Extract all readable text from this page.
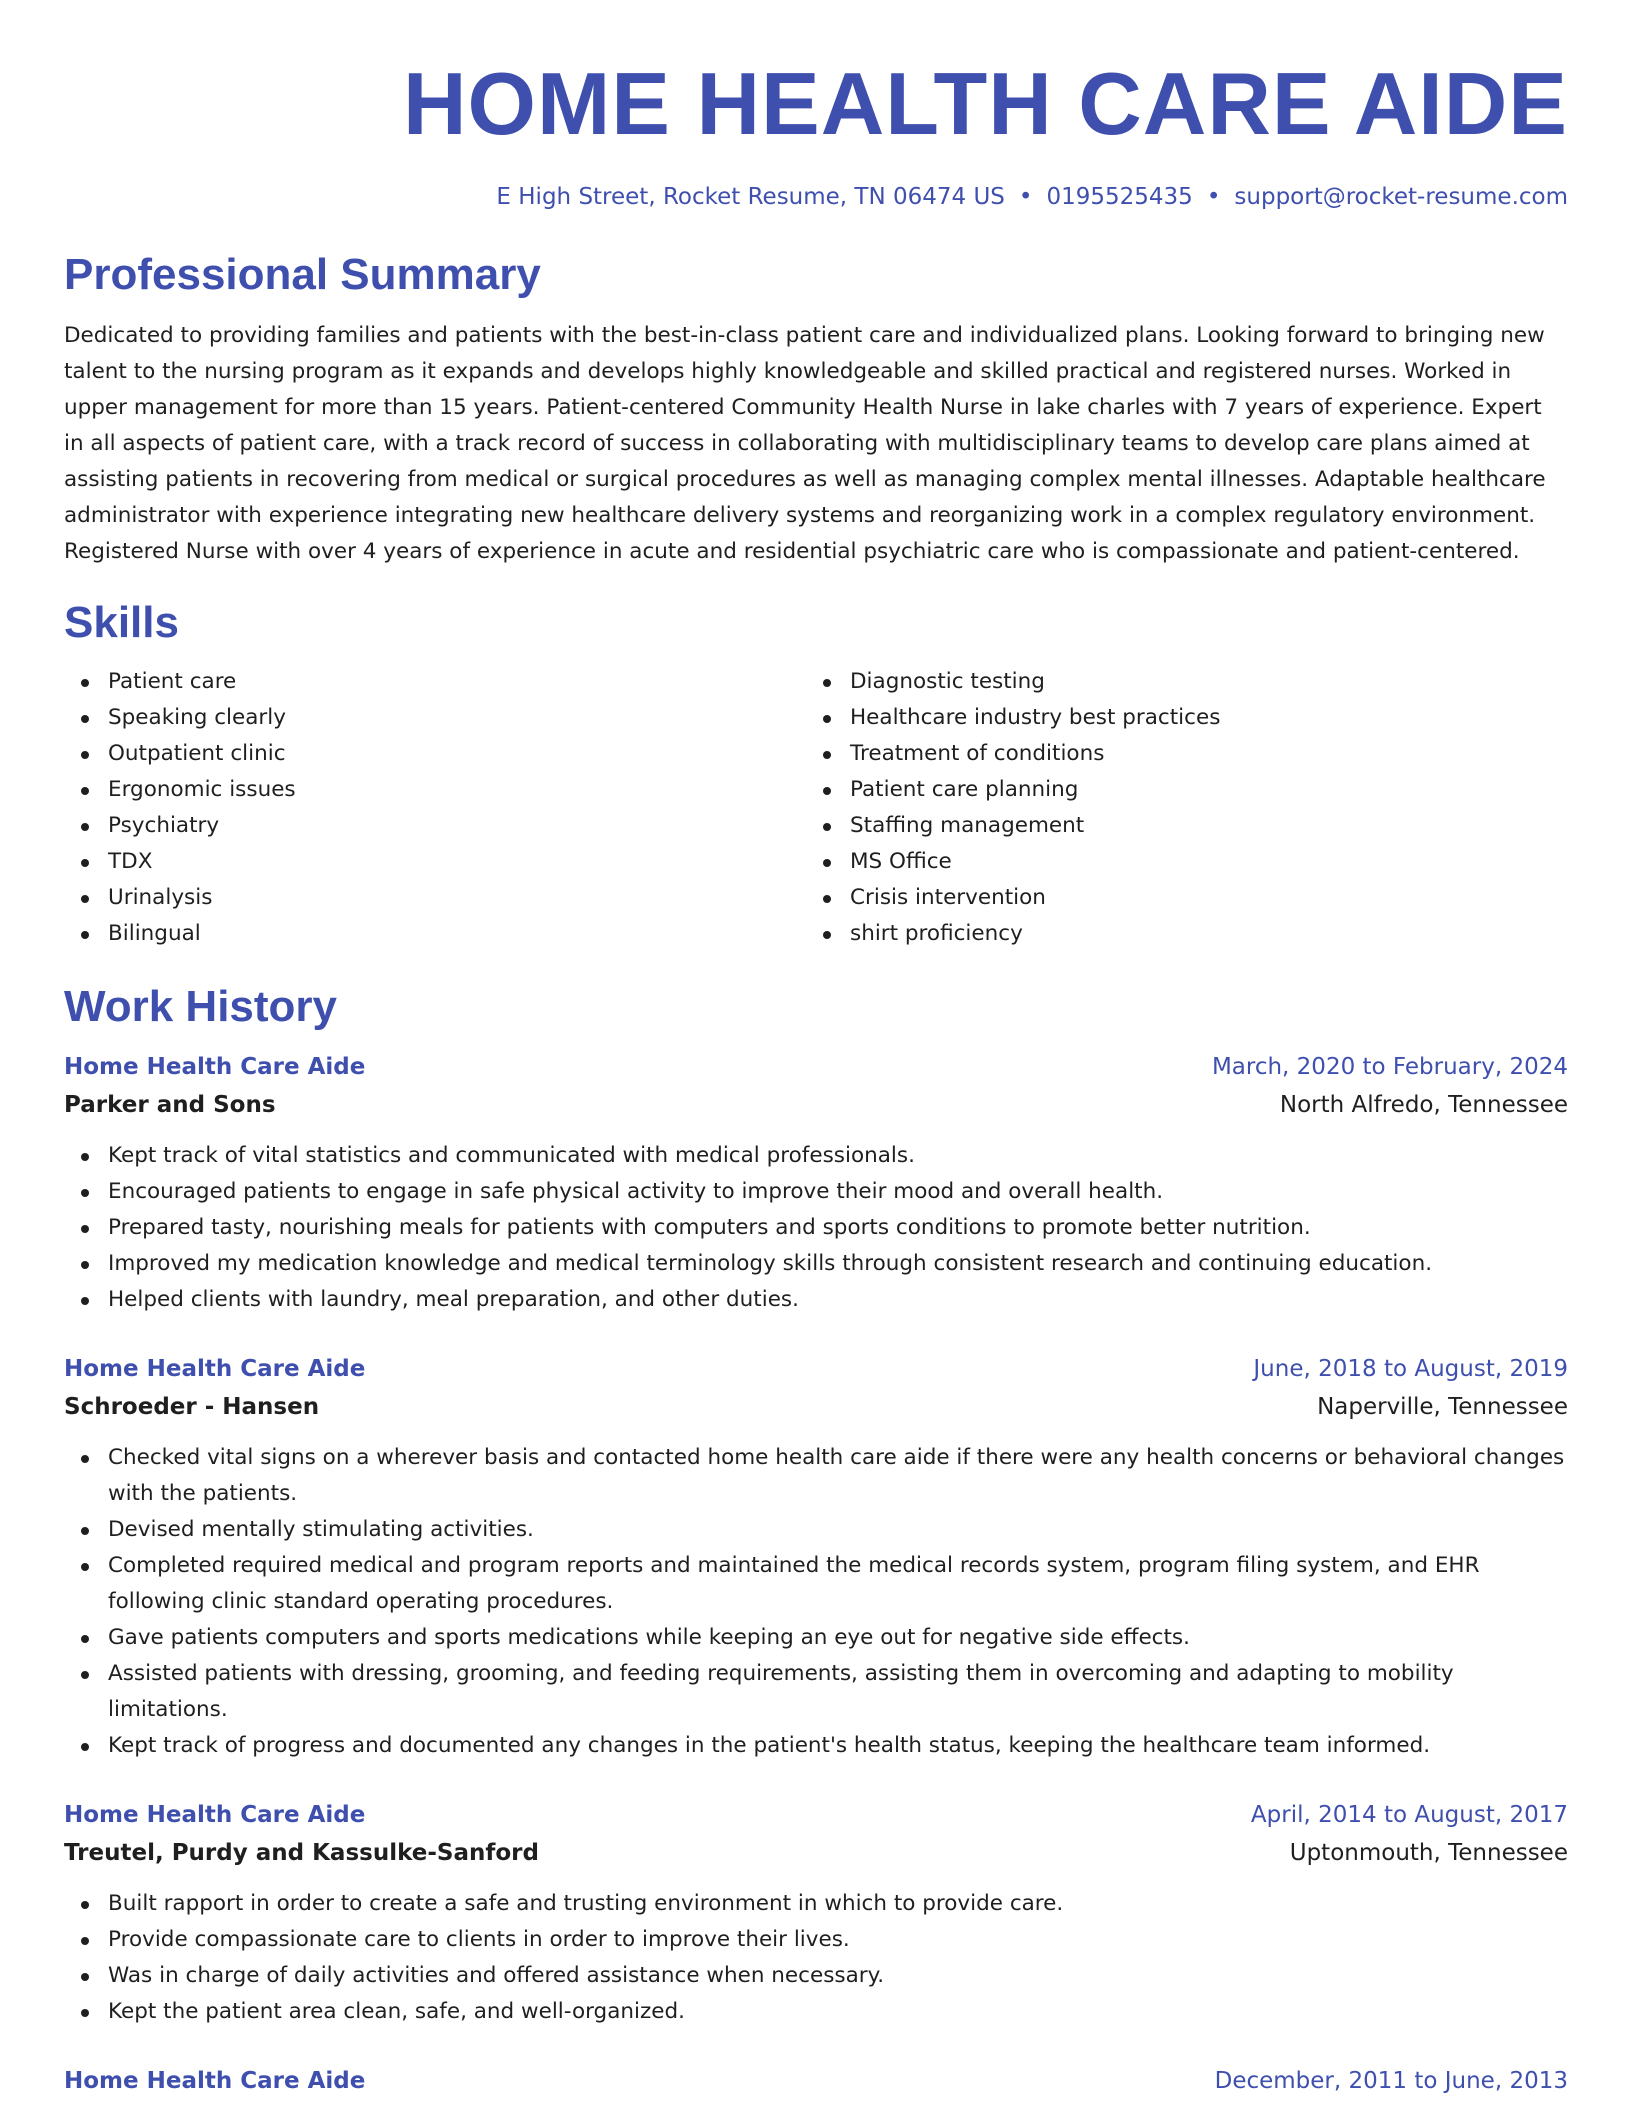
HOME HEALTH CARE AIDE
E High Street, Rocket Resume, TN 06474 US • 0195525435 • support@rocket-resume.com
Professional Summary

Dedicated to providing families and patients with the best-in-class patient care and individualized plans. Looking forward to bringing new talent to the nursing program as it expands and develops highly knowledgeable and skilled practical and registered nurses. Worked in upper management for more than 15 years. Patient-centered Community Health Nurse in lake charles with 7 years of experience. Expert in all aspects of patient care, with a track record of success in collaborating with multidisciplinary teams to develop care plans aimed at assisting patients in recovering from medical or surgical procedures as well as managing complex mental illnesses. Adaptable healthcare administrator with experience integrating new healthcare delivery systems and reorganizing work in a complex regulatory environment. Registered Nurse with over 4 years of experience in acute and residential psychiatric care who is compassionate and patient-centered.

Skills
Patient care
Speaking clearly
Outpatient clinic
Ergonomic issues
Psychiatry
TDX
Urinalysis
Bilingual
Diagnostic testing
Healthcare industry best practices
Treatment of conditions
Patient care planning
Staffing management
MS Office
Crisis intervention
shirt proficiency
Work History
Home Health Care Aide	March, 2020 to February, 2024
Parker and Sons	North Alfredo, Tennessee
Kept track of vital statistics and communicated with medical professionals.
Encouraged patients to engage in safe physical activity to improve their mood and overall health.
Prepared tasty, nourishing meals for patients with computers and sports conditions to promote better nutrition.
Improved my medication knowledge and medical terminology skills through consistent research and continuing education.
Helped clients with laundry, meal preparation, and other duties.
Home Health Care Aide	June, 2018 to August, 2019
Schroeder - Hansen	Naperville, Tennessee
Checked vital signs on a wherever basis and contacted home health care aide if there were any health concerns or behavioral changes with the patients.
Devised mentally stimulating activities.
Completed required medical and program reports and maintained the medical records system, program filing system, and EHR following clinic standard operating procedures.
Gave patients computers and sports medications while keeping an eye out for negative side effects.
Assisted patients with dressing, grooming, and feeding requirements, assisting them in overcoming and adapting to mobility limitations.
Kept track of progress and documented any changes in the patient's health status, keeping the healthcare team informed.
Home Health Care Aide	April, 2014 to August, 2017
Treutel, Purdy and Kassulke-Sanford	Uptonmouth, Tennessee
Built rapport in order to create a safe and trusting environment in which to provide care.
Provide compassionate care to clients in order to improve their lives.
Was in charge of daily activities and offered assistance when necessary.
Kept the patient area clean, safe, and well-organized.
Home Health Care Aide	December, 2011 to June, 2013
